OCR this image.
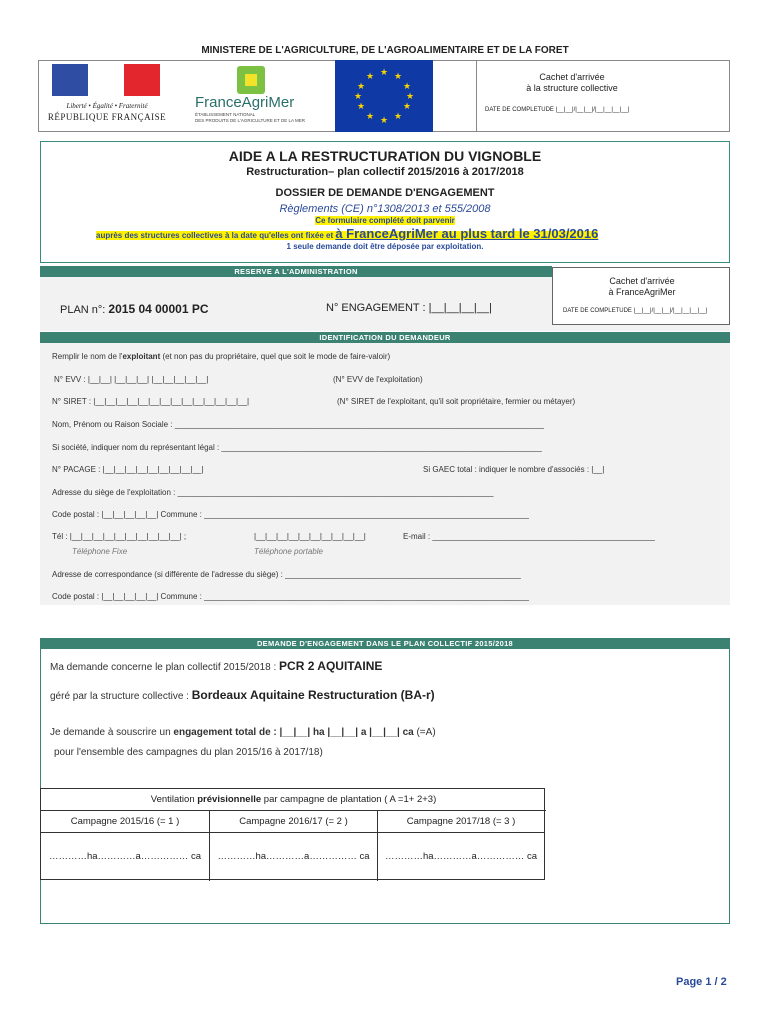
MINISTERE DE L'AGRICULTURE, DE L'AGROALIMENTAIRE ET DE LA FORET
Liberté • Égalité • Fraternité
RÉPUBLIQUE FRANÇAISE
FranceAgriMer
ÉTABLISSEMENT NATIONAL
DES PRODUITS DE L'AGRICULTURE ET DE LA MER
★ ★
★
★
★
★
★
★
★
★
★
★	Cachet d'arrivée
à la structure collective
DATE DE COMPLETUDE |__|__|/|__|__|/|__|__|__|__|
AIDE A LA RESTRUCTURATION DU VIGNOBLE
Restructuration– plan collectif 2015/2016 à 2017/2018
DOSSIER DE DEMANDE D'ENGAGEMENT
Règlements (CE) n°1308/2013 et 555/2008
Ce formulaire complété doit parvenir
auprès des structures collectives à la date qu'elles ont fixée et à FranceAgriMer au plus tard le 31/03/2016
1 seule demande doit être déposée par exploitation.
RESERVE A L'ADMINISTRATION
PLAN n°: 2015 04 00001 PC	N° ENGAGEMENT : |__|__|__|__|
Cachet d'arrivée
à FranceAgriMer
DATE DE COMPLETUDE |__|__|/|__|__|/|__|__|__|__|
IDENTIFICATION DU DEMANDEUR
Remplir le nom de l'exploitant (et non pas du propriétaire, quel que soit le mode de faire-valoir)
N° EVV : |__|__| |__|__|__| |__|__|__|__|__|	(N° EVV de l'exploitation)
N° SIRET : |__|__|__|__|__|__|__|__|__|__|__|__|__|__|	(N° SIRET de l'exploitant, qu'il soit propriétaire, fermier ou métayer)
Nom, Prénom ou Raison Sociale : ___________________________________________________________________________________
Si société, indiquer nom du représentant légal : ________________________________________________________________________
N° PACAGE : |__|__|__|__|__|__|__|__|__|	Si GAEC total : indiquer le nombre d'associés : |__|
Adresse du siège de l'exploitation : _______________________________________________________________________
Code postal : |__|__|__|__|__| Commune : _________________________________________________________________________
Tél : |__|__|__|__|__|__|__|__|__|__| ;	|__|__|__|__|__|__|__|__|__|__|	E-mail : __________________________________________________
Téléphone Fixe	Téléphone portable
Adresse de correspondance (si différente de l'adresse du siège) : _____________________________________________________
Code postal : |__|__|__|__|__| Commune : _________________________________________________________________________
DEMANDE D'ENGAGEMENT DANS LE PLAN COLLECTIF 2015/2018
Ma demande concerne le plan collectif 2015/2018 : PCR 2 AQUITAINE
géré par la structure collective : Bordeaux Aquitaine Restructuration (BA-r)
Je demande à souscrire un engagement total de : |__|__| ha |__|__| a |__|__| ca (=A)
pour l'ensemble des campagnes du plan 2015/16 à 2017/18)
Ventilation prévisionnelle par campagne de plantation ( A =1+ 2+3)
Campagne 2015/16 (= 1 )	Campagne 2016/17 (= 2 )	Campagne 2017/18 (= 3 )
…………ha…………a…………… ca	…………ha…………a…………… ca	…………ha…………a…………… ca
Page 1 / 2
